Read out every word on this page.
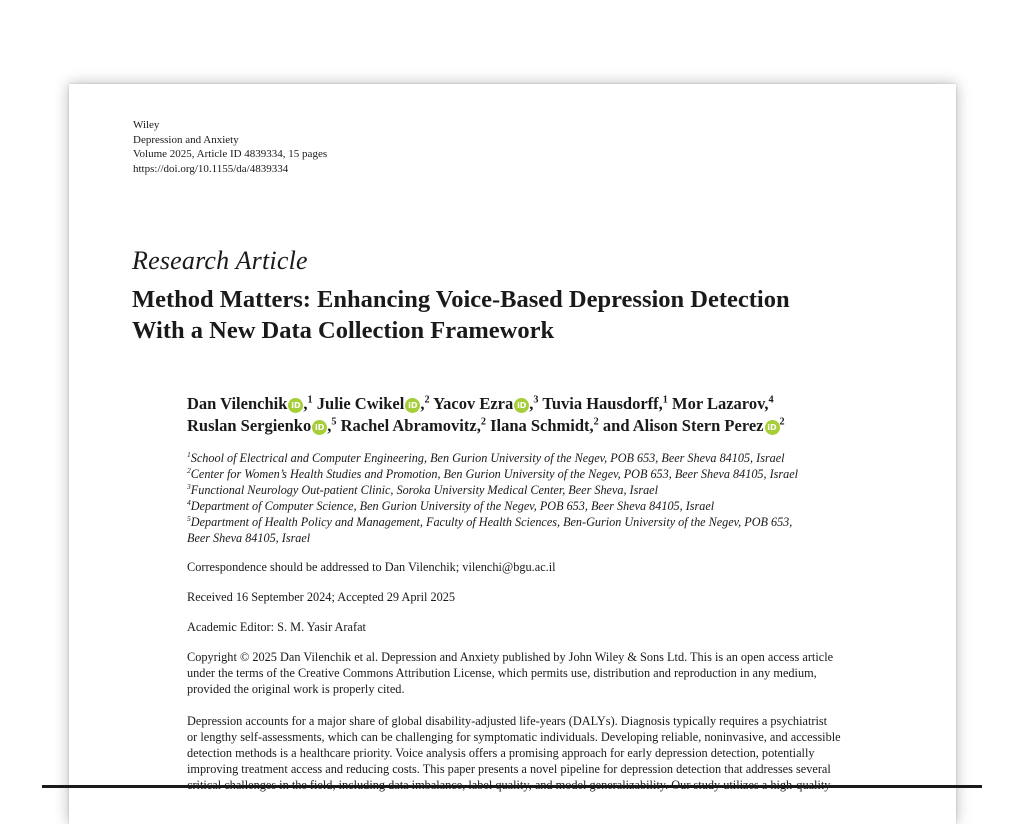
Wiley
Depression and Anxiety
Volume 2025, Article ID 4839334, 15 pages
https://doi.org/10.1155/da/4839334
Research Article
Method Matters: Enhancing Voice-Based Depression Detection
With a New Data Collection Framework
Dan Vilenchik iD ,$^1$ Julie Cwikel iD ,$^2$ Yacov Ezra iD ,$^3$ Tuvia Hausdorff,$^1$ Mor Lazarov,$^4$
Ruslan Sergienko iD ,$^5$ Rachel Abramovitz,$^2$ Ilana Schmidt,$^2$ and Alison Stern Perez iD $^2$
$^1$School of Electrical and Computer Engineering, Ben Gurion University of the Negev, POB 653, Beer Sheva 84105, Israel
$^2$Center for Women’s Health Studies and Promotion, Ben Gurion University of the Negev, POB 653, Beer Sheva 84105, Israel
$^3$Functional Neurology Out-patient Clinic, Soroka University Medical Center, Beer Sheva, Israel
$^4$Department of Computer Science, Ben Gurion University of the Negev, POB 653, Beer Sheva 84105, Israel
$^5$Department of Health Policy and Management, Faculty of Health Sciences, Ben-Gurion University of the Negev, POB 653,
Beer Sheva 84105, Israel
Correspondence should be addressed to Dan Vilenchik; vilenchi@bgu.ac.il
Received 16 September 2024; Accepted 29 April 2025
Academic Editor: S. M. Yasir Arafat
Copyright © 2025 Dan Vilenchik et al. Depression and Anxiety published by John Wiley & Sons Ltd. This is an open access article
under the terms of the Creative Commons Attribution License, which permits use, distribution and reproduction in any medium,
provided the original work is properly cited.
Depression accounts for a major share of global disability-adjusted life-years (DALYs). Diagnosis typically requires a psychiatrist
or lengthy self-assessments, which can be challenging for symptomatic individuals. Developing reliable, noninvasive, and accessible
detection methods is a healthcare priority. Voice analysis offers a promising approach for early depression detection, potentially
improving treatment access and reducing costs. This paper presents a novel pipeline for depression detection that addresses several
